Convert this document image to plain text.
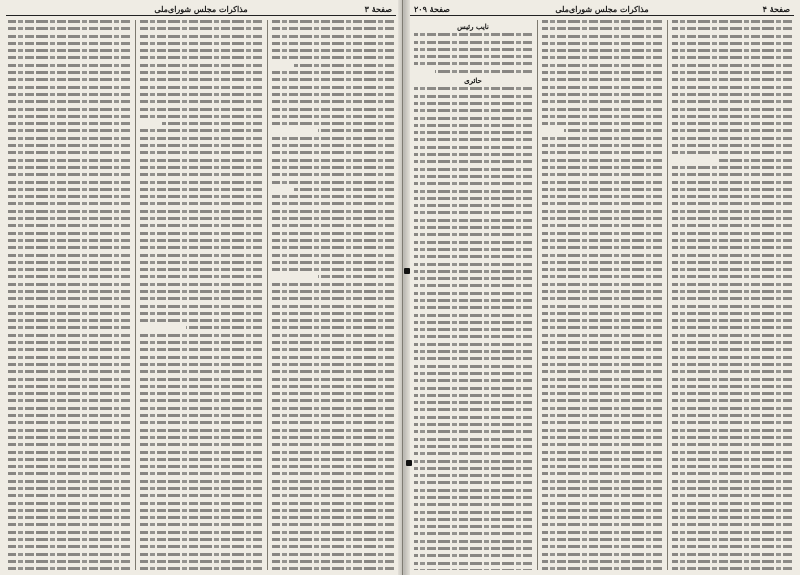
صفحهٔ ۳
مذاکرات مجلس شورای‌ملی	صفحهٔ ۲۰۹	مذاکرات مجلس شورای‌ملی	صفحهٔ ۴
نایب رئیس
حائری
